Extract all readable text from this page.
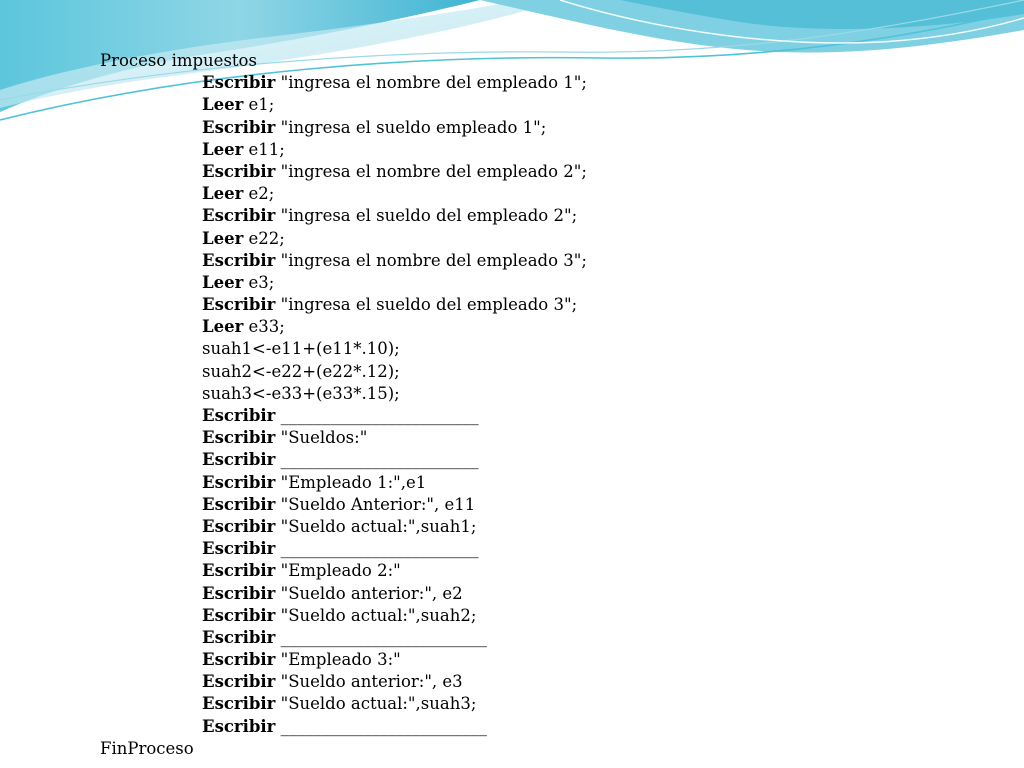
Proceso impuestos
Escribir "ingresa el nombre del empleado 1";
Leer e1;
Escribir "ingresa el sueldo empleado 1";
Leer e11;
Escribir "ingresa el nombre del empleado 2";
Leer e2;
Escribir "ingresa el sueldo del empleado 2";
Leer e22;
Escribir "ingresa el nombre del empleado 3";
Leer e3;
Escribir "ingresa el sueldo del empleado 3";
Leer e33;
suah1<-e11+(e11*.10);
suah2<-e22+(e22*.12);
suah3<-e33+(e33*.15);
Escribir ________________________
Escribir "Sueldos:"
Escribir ________________________
Escribir "Empleado 1:",e1
Escribir "Sueldo Anterior:", e11
Escribir "Sueldo actual:",suah1;
Escribir ________________________
Escribir "Empleado 2:"
Escribir "Sueldo anterior:", e2
Escribir "Sueldo actual:",suah2;
Escribir _________________________
Escribir "Empleado 3:"
Escribir "Sueldo anterior:", e3
Escribir "Sueldo actual:",suah3;
Escribir _________________________
FinProceso
